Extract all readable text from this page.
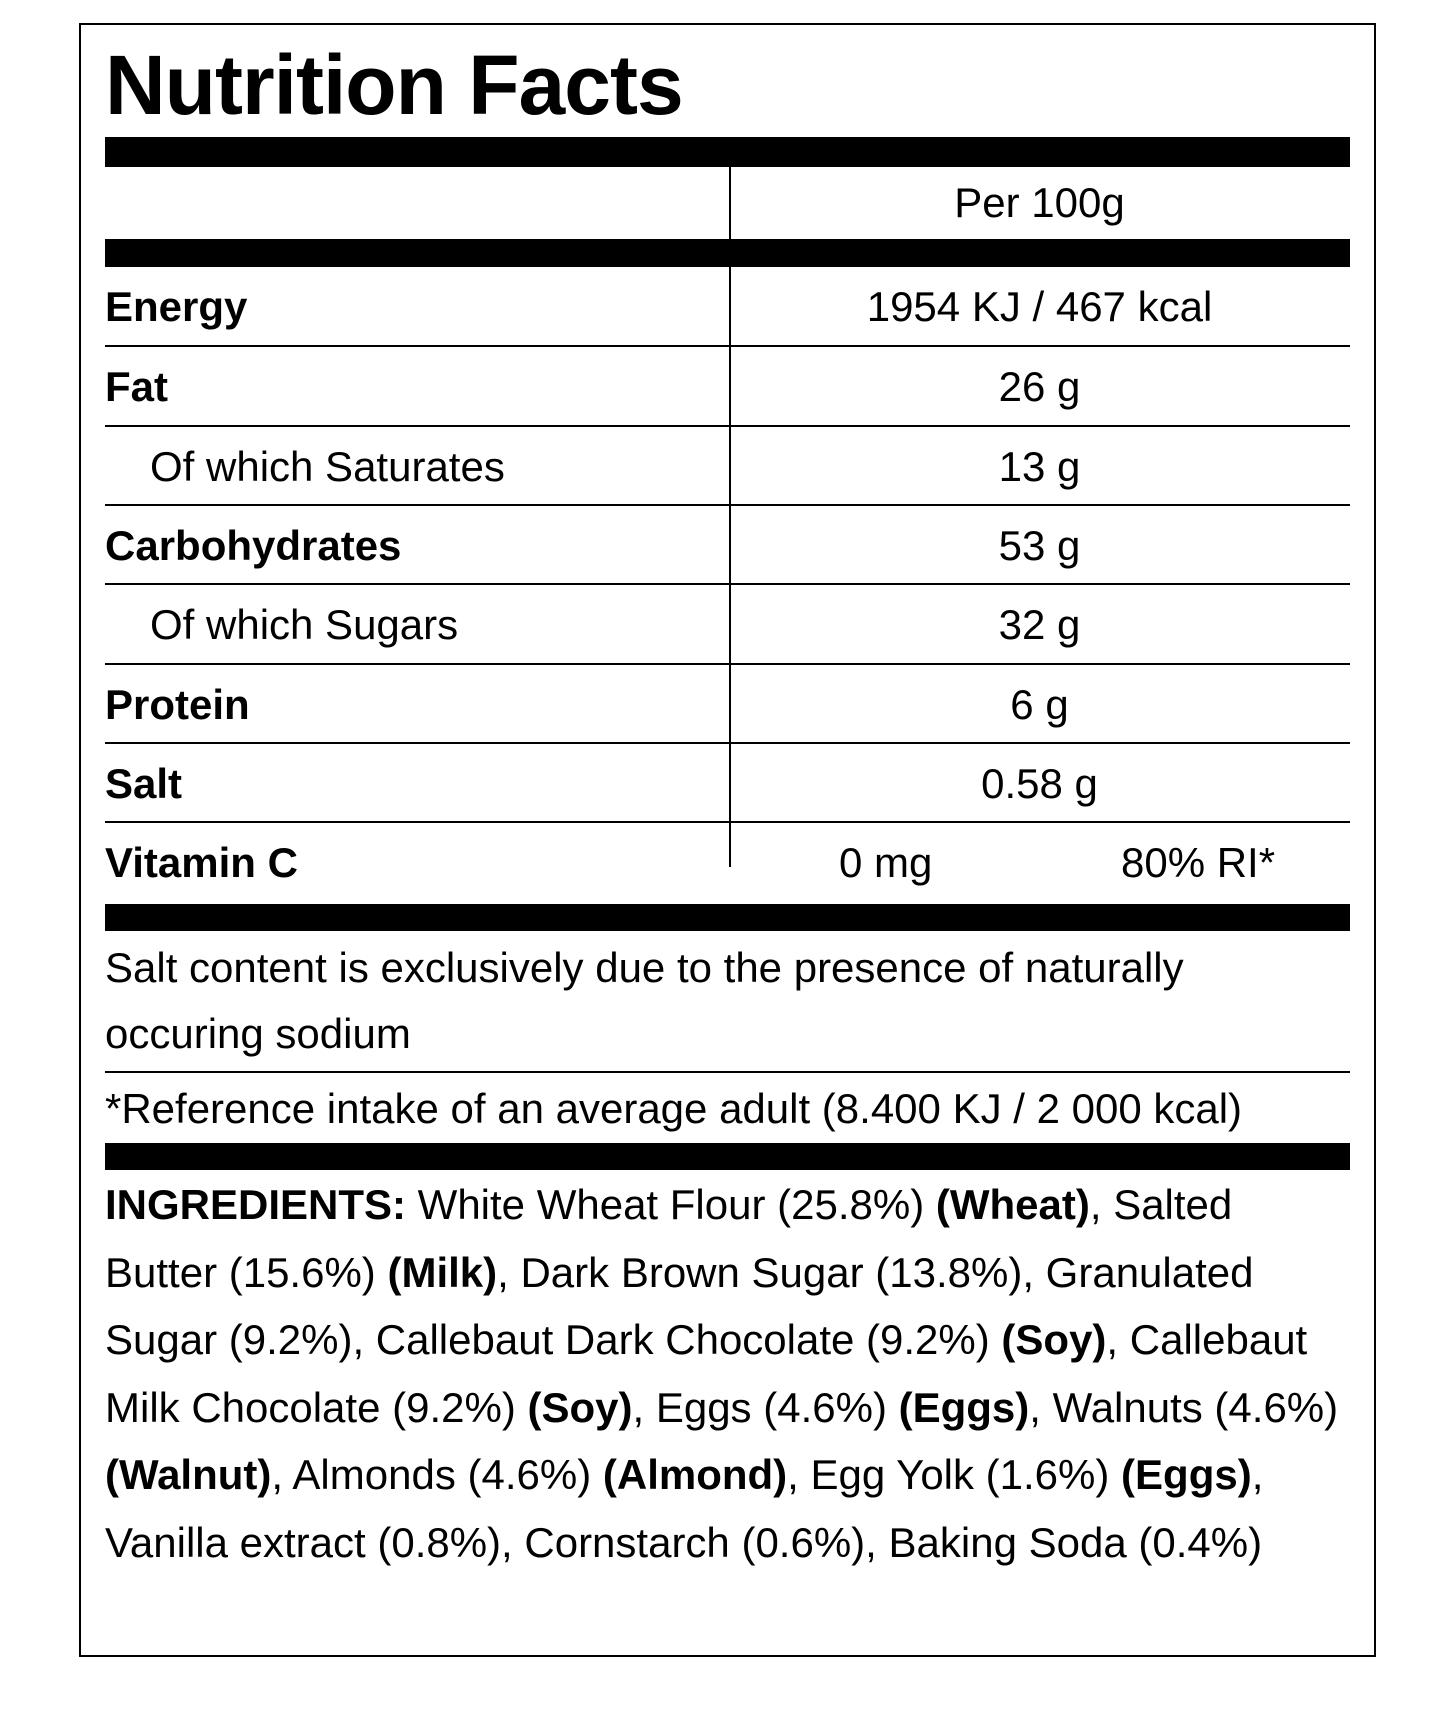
Nutrition Facts
Per 100g
Energy	1954 KJ / 467 kcal
Fat	26 g
Of which Saturates	13 g
Carbohydrates	53 g
Of which Sugars	32 g
Protein	6 g
Salt	0.58 g
Vitamin C	0 mg	80% RI*
Salt content is exclusively due to the presence of naturally occuring sodium
*Reference intake of an average adult (8.400 KJ / 2 000 kcal)
INGREDIENTS: White Wheat Flour (25.8%) (Wheat), Salted Butter (15.6%) (Milk), Dark Brown Sugar (13.8%), Granulated Sugar (9.2%), Callebaut Dark Chocolate (9.2%) (Soy), Callebaut Milk Chocolate (9.2%) (Soy), Eggs (4.6%) (Eggs), Walnuts (4.6%) (Walnut), Almonds (4.6%) (Almond), Egg Yolk (1.6%) (Eggs), Vanilla extract (0.8%), Cornstarch (0.6%), Baking Soda (0.4%)
